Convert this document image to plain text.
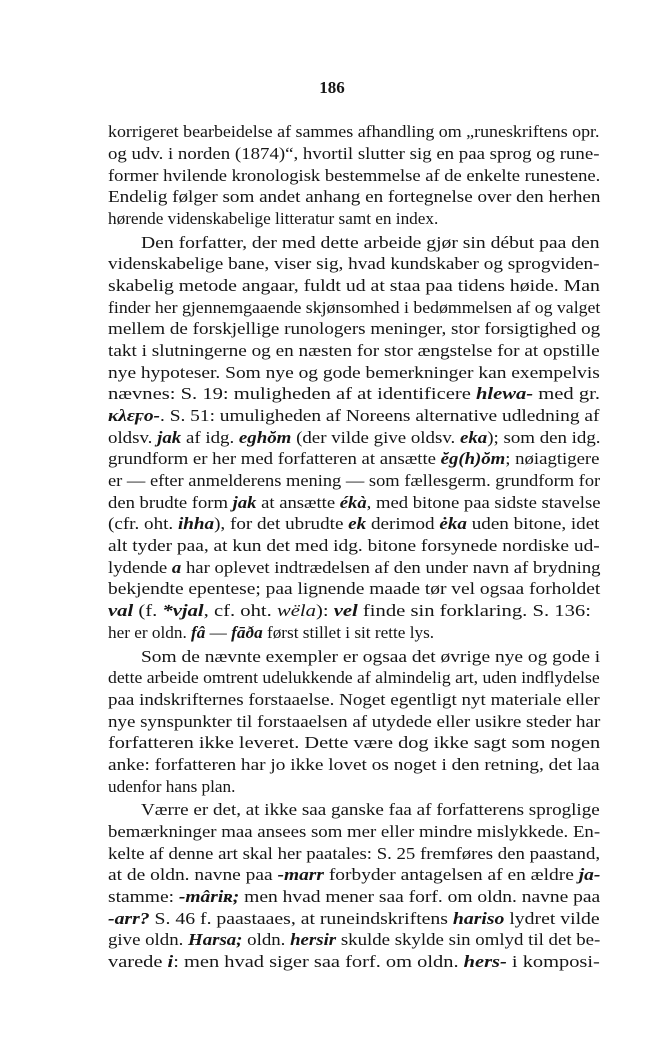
186
korrigeret bearbeidelse af sammes afhandling om „runeskriftens opr.
og udv. i norden (1874)“, hvortil slutter sig en paa sprog og rune-
former hvilende kronologisk bestemmelse af de enkelte runestene.
Endelig følger som andet anhang en fortegnelse over den herhen
hørende videnskabelige litteratur samt en index.
Den forfatter, der med dette arbeide gjør sin début paa den
videnskabelige bane, viser sig, hvad kundskaber og sprogviden-
skabelig metode angaar, fuldt ud at staa paa tidens høide. Man
finder her gjennemgaaende skjønsomhed i bedømmelsen af og valget
mellem de forskjellige runologers meninger, stor forsigtighed og
takt i slutningerne og en næsten for stor ængstelse for at opstille
nye hypoteser. Som nye og gode bemerkninger kan exempelvis
nævnes: S. 19: muligheden af at identificere hlewa- med gr.
κλεϝο-. S. 51: umuligheden af Noreens alternative udledning af
oldsv. jak af idg. eghŏm (der vilde give oldsv. eka); som den idg.
grundform er her med forfatteren at ansætte ĕg(h)ŏm; nøiagtigere
er — efter anmelderens mening — som fællesgerm. grundform for
den brudte form jak at ansætte ékà, med bitone paa sidste stavelse
(cfr. oht. ihha), for det ubrudte ek derimod ėka uden bitone, idet
alt tyder paa, at kun det med idg. bitone forsynede nordiske ud-
lydende a har oplevet indtrædelsen af den under navn af brydning
bekjendte epentese; paa lignende maade tør vel ogsaa forholdet
val (f. *vjal, cf. oht. wëla): vel finde sin forklaring. S. 136:
her er oldn. fâ — fāða først stillet i sit rette lys.
Som de nævnte exempler er ogsaa det øvrige nye og gode i
dette arbeide omtrent udelukkende af almindelig art, uden indflydelse
paa indskrifternes forstaaelse. Noget egentligt nyt materiale eller
nye synspunkter til forstaaelsen af utydede eller usikre steder har
forfatteren ikke leveret. Dette være dog ikke sagt som nogen
anke: forfatteren har jo ikke lovet os noget i den retning, det laa
udenfor hans plan.
Værre er det, at ikke saa ganske faa af forfatterens sproglige
bemærkninger maa ansees som mer eller mindre mislykkede. En-
kelte af denne art skal her paatales: S. 25 fremføres den paastand,
at de oldn. navne paa -marr forbyder antagelsen af en ældre ja-
stamme: -mâriʀ; men hvad mener saa forf. om oldn. navne paa
-arr? S. 46 f. paastaaes, at runeindskriftens hariso lydret vilde
give oldn. Harsa; oldn. hersir skulde skylde sin omlyd til det be-
varede i: men hvad siger saa forf. om oldn. hers- i komposi-
